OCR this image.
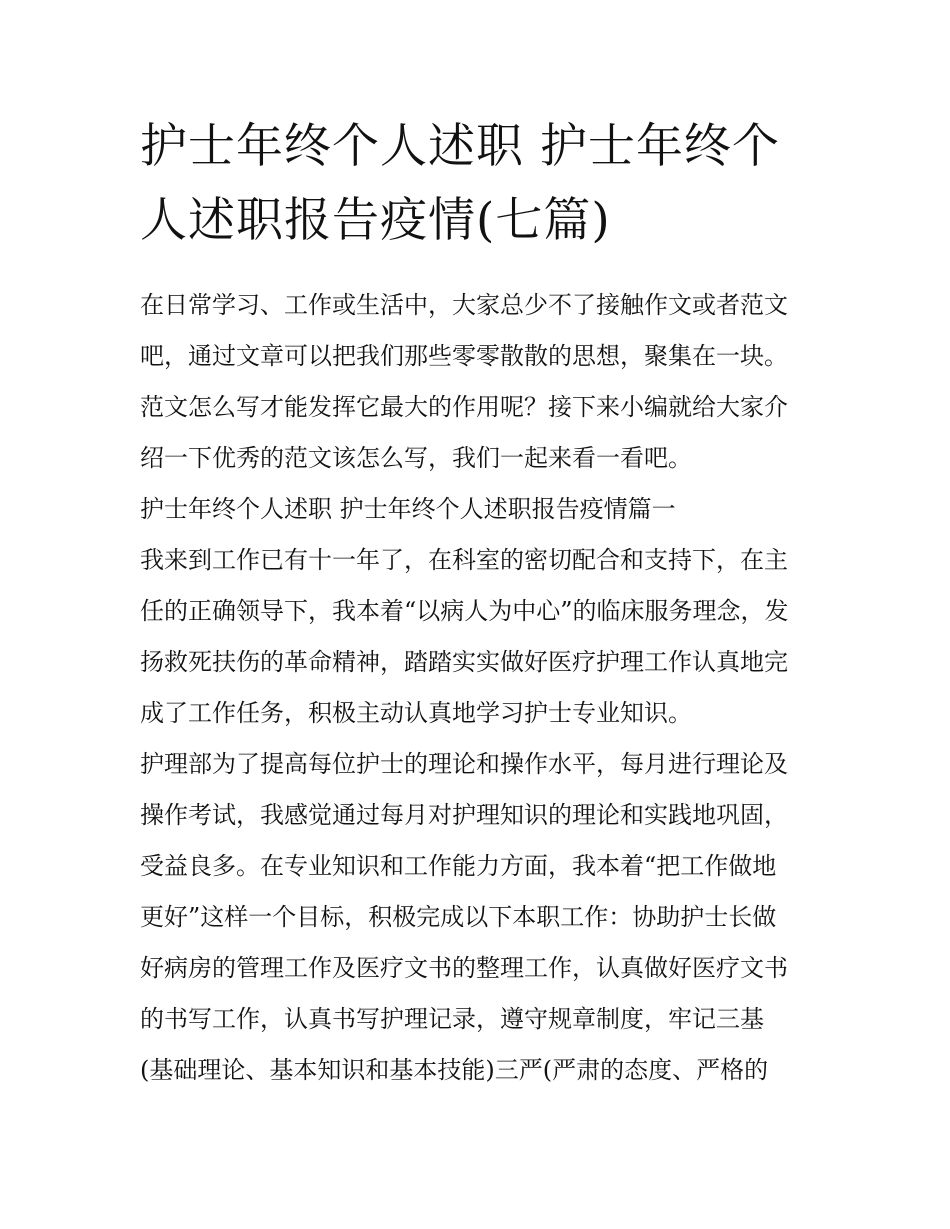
护士年终个人述职 护士年终个
人述职报告疫情(七篇)
在日常学习、工作或生活中，大家总少不了接触作文或者范文
吧，通过文章可以把我们那些零零散散的思想，聚集在一块。
范文怎么写才能发挥它最大的作用呢？接下来小编就给大家介
绍一下优秀的范文该怎么写，我们一起来看一看吧。
护士年终个人述职 护士年终个人述职报告疫情篇一
我来到工作已有十一年了，在科室的密切配合和支持下，在主
任的正确领导下，我本着“以病人为中心”的临床服务理念，发
扬救死扶伤的革命精神，踏踏实实做好医疗护理工作认真地完
成了工作任务，积极主动认真地学习护士专业知识。
护理部为了提高每位护士的理论和操作水平，每月进行理论及
操作考试，我感觉通过每月对护理知识的理论和实践地巩固，
受益良多。在专业知识和工作能力方面，我本着“把工作做地
更好”这样一个目标，积极完成以下本职工作：协助护士长做
好病房的管理工作及医疗文书的整理工作，认真做好医疗文书
的书写工作，认真书写护理记录，遵守规章制度，牢记三基
(基础理论、基本知识和基本技能)三严(严肃的态度、严格的
